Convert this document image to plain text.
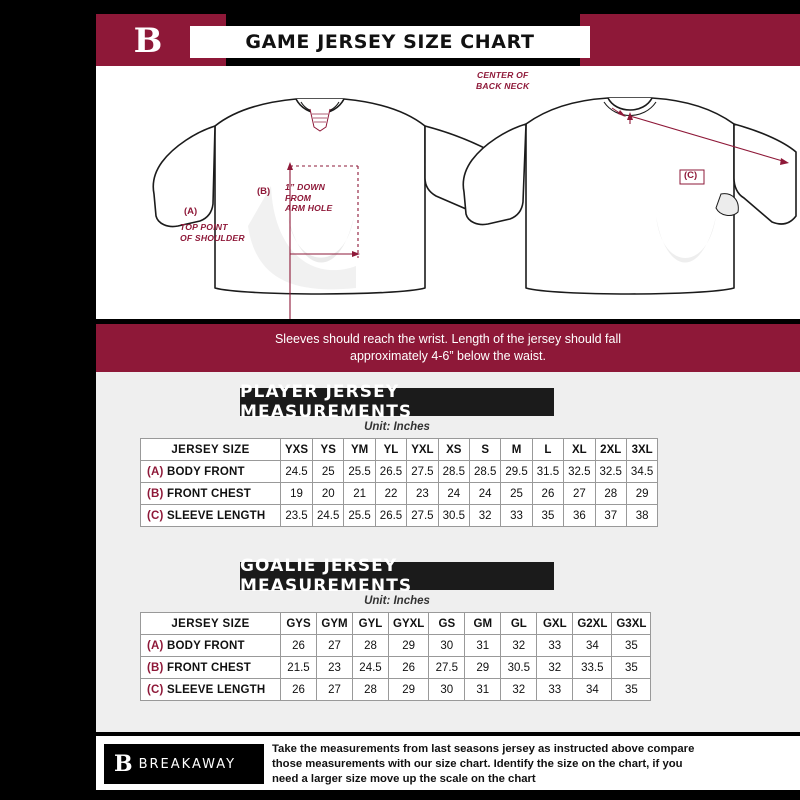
B	GAME JERSEY SIZE CHART
CENTER OF
BACK NECK
1” DOWN
FROM
ARM HOLE
TOP POINT
OF SHOULDER
(A)
(B)
(C)
Sleeves should reach the wrist. Length of the jersey should fall
approximately 4-6” below the waist.
PLAYER JERSEY MEASUREMENTS
Unit: Inches
JERSEY SIZE	YXS	YS	YM	YL	YXL	XS	S	M	L	XL	2XL	3XL
(A) BODY FRONT	24.5	25	25.5	26.5	27.5	28.5	28.5	29.5	31.5	32.5	32.5	34.5
(B) FRONT CHEST	19	20	21	22	23	24	24	25	26	27	28	29
(C) SLEEVE LENGTH	23.5	24.5	25.5	26.5	27.5	30.5	32	33	35	36	37	38
GOALIE JERSEY MEASUREMENTS
Unit: Inches
JERSEY SIZE	GYS	GYM	GYL	GYXL	GS	GM	GL	GXL	G2XL	G3XL
(A) BODY FRONT	26	27	28	29	30	31	32	33	34	35
(B) FRONT CHEST	21.5	23	24.5	26	27.5	29	30.5	32	33.5	35
(C) SLEEVE LENGTH	26	27	28	29	30	31	32	33	34	35
B BREAKAWAY
Take the measurements from last seasons jersey as instructed above compare those measurements with our size chart. Identify the size on the chart, if you need a larger size move up the scale on the chart
